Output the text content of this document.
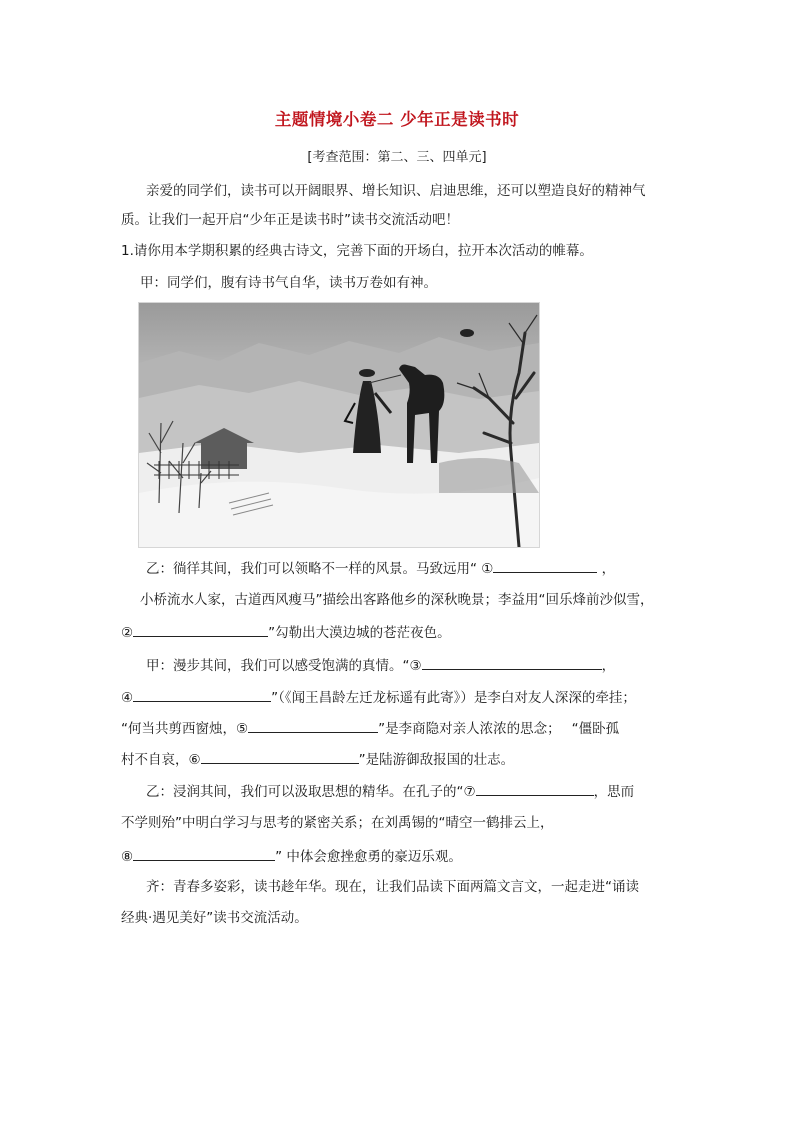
主题情境小卷二 少年正是读书时
[考查范围：第二、三、四单元]
亲爱的同学们，读书可以开阔眼界、增长知识、启迪思维，还可以塑造良好的精神气
质。让我们一起开启“少年正是读书时”读书交流活动吧！
1.请你用本学期积累的经典古诗文，完善下面的开场白，拉开本次活动的帷幕。
甲：同学们，腹有诗书气自华，读书万卷如有神。
乙：徜徉其间，我们可以领略不一样的风景。马致远用“ ①	，
小桥流水人家，古道西风瘦马”描绘出客路他乡的深秋晚景；李益用“回乐烽前沙似雪，
②	”勾勒出大漠边城的苍茫夜色。
甲：漫步其间，我们可以感受饱满的真情。“③	，
④	”（《闻王昌龄左迁龙标遥有此寄》）是李白对友人深深的牵挂；
“何当共剪西窗烛，⑤	”是李商隐对亲人浓浓的思念；　 “僵卧孤
村不自哀，⑥	”是陆游御敌报国的壮志。
乙：浸润其间，我们可以汲取思想的精华。在孔子的“⑦	，思而
不学则殆”中明白学习与思考的紧密关系；在刘禹锡的“晴空一鹤排云上，
⑧	” 中体会愈挫愈勇的豪迈乐观。
齐：青春多姿彩，读书趁年华。现在，让我们品读下面两篇文言文，一起走进“诵读
经典·遇见美好”读书交流活动。
